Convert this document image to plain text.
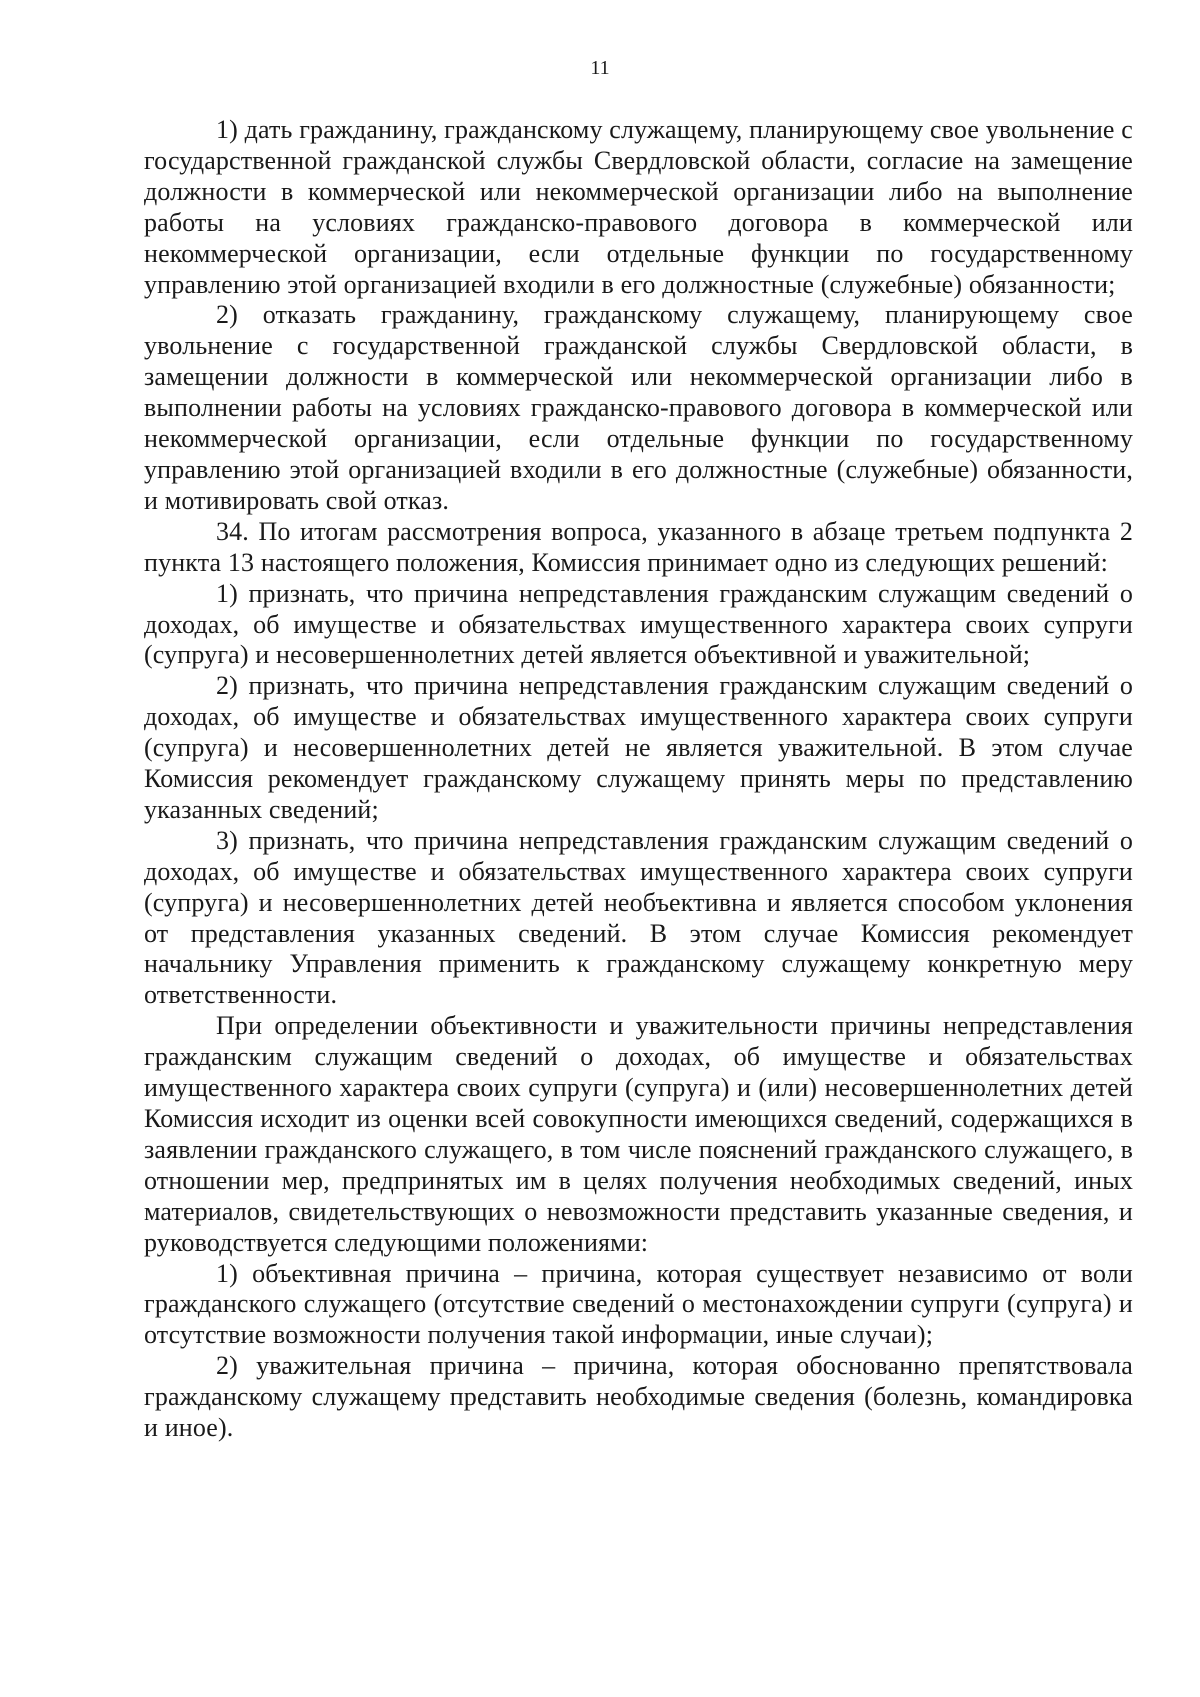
11

1) дать гражданину, гражданскому служащему, планирующему свое увольнение с государственной гражданской службы Свердловской области, согласие на замещение должности в коммерческой или некоммерческой организации либо на выполнение работы на условиях гражданско-правового договора в коммерческой или некоммерческой организации, если отдельные функции по государственному управлению этой организацией входили в его должностные (служебные) обязанности;

2) отказать гражданину, гражданскому служащему, планирующему свое увольнение с государственной гражданской службы Свердловской области, в замещении должности в коммерческой или некоммерческой организации либо в выполнении работы на условиях гражданско-правового договора в коммерческой или некоммерческой организации, если отдельные функции по государственному управлению этой организацией входили в его должностные (служебные) обязанности, и мотивировать свой отказ.

34. По итогам рассмотрения вопроса, указанного в абзаце третьем подпункта 2 пункта 13 настоящего положения, Комиссия принимает одно из следующих решений:

1) признать, что причина непредставления гражданским служащим сведений о доходах, об имуществе и обязательствах имущественного характера своих супруги (супруга) и несовершеннолетних детей является объективной и уважительной;

2) признать, что причина непредставления гражданским служащим сведений о доходах, об имуществе и обязательствах имущественного характера своих супруги (супруга) и несовершеннолетних детей не является уважительной. В этом случае Комиссия рекомендует гражданскому служащему принять меры по представлению указанных сведений;

3) признать, что причина непредставления гражданским служащим сведений о доходах, об имуществе и обязательствах имущественного характера своих супруги (супруга) и несовершеннолетних детей необъективна и является способом уклонения от представления указанных сведений. В этом случае Комиссия рекомендует начальнику Управления применить к гражданскому служащему конкретную меру ответственности.

При определении объективности и уважительности причины непредставления гражданским служащим сведений о доходах, об имуществе и обязательствах имущественного характера своих супруги (супруга) и (или) несовершеннолетних детей Комиссия исходит из оценки всей совокупности имеющихся сведений, содержащихся в заявлении гражданского служащего, в том числе пояснений гражданского служащего, в отношении мер, предпринятых им в целях получения необходимых сведений, иных материалов, свидетельствующих о невозможности представить указанные сведения, и руководствуется следующими положениями:

1) объективная причина – причина, которая существует независимо от воли гражданского служащего (отсутствие сведений о местонахождении супруги (супруга) и отсутствие возможности получения такой информации, иные случаи);

2) уважительная причина – причина, которая обоснованно препятствовала гражданскому служащему представить необходимые сведения (болезнь, командировка и иное).
